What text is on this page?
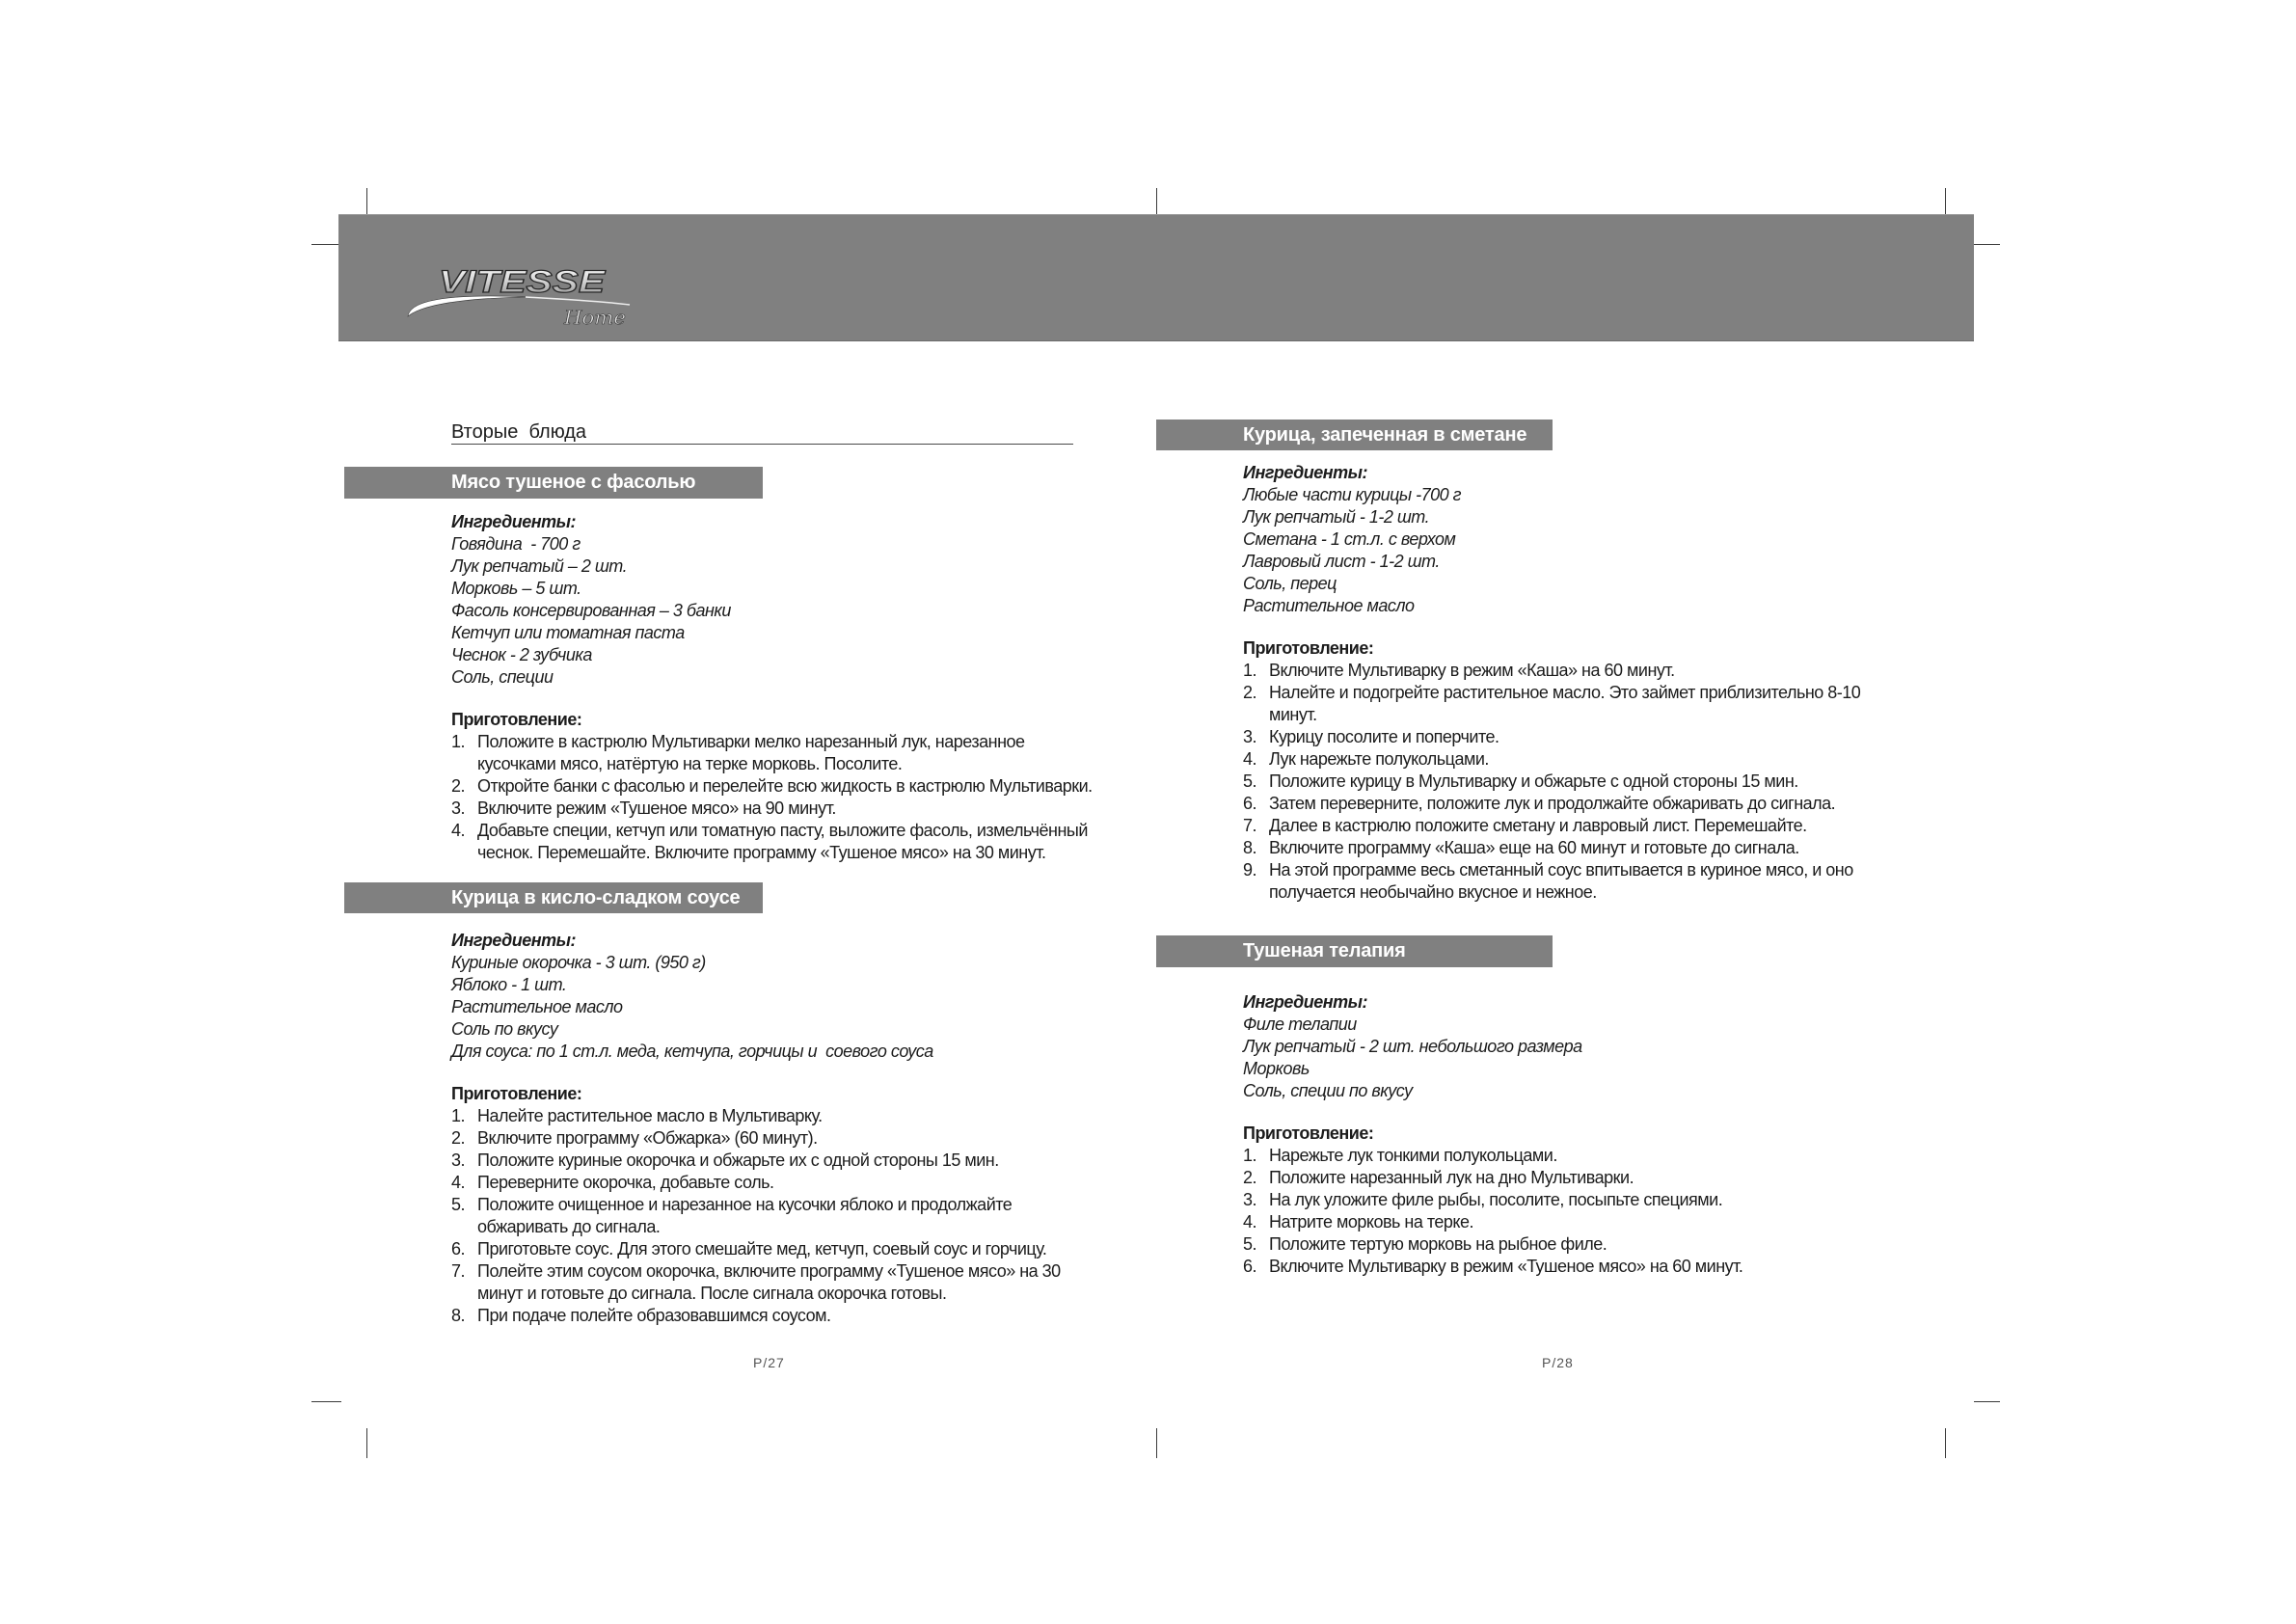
VITESSE
Home
Вторые  блюда
Мясо тушеное с фасолью
Ингредиенты:
Говядина  - 700 г
Лук репчатый – 2 шт.
Морковь – 5 шт.
Фасоль консервированная – 3 банки
Кетчуп или томатная паста
Чеснок - 2 зубчика
Соль, специи
Приготовление:
1. Положите в кастрюлю Мультиварки мелко нарезанный лук, нарезанное
кусочками мясо, натёртую на терке морковь. Посолите.
2. Откройте банки с фасолью и перелейте всю жидкость в кастрюлю Мультиварки.
3. Включите режим «Тушеное мясо» на 90 минут.
4. Добавьте специи, кетчуп или томатную пасту, выложите фасоль, измельчённый
чеснок. Перемешайте. Включите программу «Тушеное мясо» на 30 минут.
Курица в кисло-сладком соусе
Ингредиенты:
Куриные окорочка - 3 шт. (950 г)
Яблоко - 1 шт.
Растительное масло
Соль по вкусу
Для соуса: по 1 ст.л. меда, кетчупа, горчицы и  соевого соуса
Приготовление:
1. Налейте растительное масло в Мультиварку.
2. Включите программу «Обжарка» (60 минут).
3. Положите куриные окорочка и обжарьте их с одной стороны 15 мин.
4. Переверните окорочка, добавьте соль.
5. Положите очищенное и нарезанное на кусочки яблоко и продолжайте
обжаривать до сигнала.
6. Приготовьте соус. Для этого смешайте мед, кетчуп, соевый соус и горчицу.
7. Полейте этим соусом окорочка, включите программу «Тушеное мясо» на 30
минут и готовьте до сигнала. После сигнала окорочка готовы.
8. При подаче полейте образовавшимся соусом.
P/27
Курица, запеченная в сметане
Ингредиенты:
Любые части курицы -700 г
Лук репчатый - 1-2 шт.
Сметана - 1 ст.л. с верхом
Лавровый лист - 1-2 шт.
Соль, перец
Растительное масло
Приготовление:
1. Включите Мультиварку в режим «Каша» на 60 минут.
2. Налейте и подогрейте растительное масло. Это займет приблизительно 8-10
минут.
3. Курицу посолите и поперчите.
4. Лук нарежьте полукольцами.
5. Положите курицу в Мультиварку и обжарьте с одной стороны 15 мин.
6. Затем переверните, положите лук и продолжайте обжаривать до сигнала.
7. Далее в кастрюлю положите сметану и лавровый лист. Перемешайте.
8. Включите программу «Каша» еще на 60 минут и готовьте до сигнала.
9. На этой программе весь сметанный соус впитывается в куриное мясо, и оно
получается необычайно вкусное и нежное.
Тушеная телапия
Ингредиенты:
Филе телапии
Лук репчатый - 2 шт. небольшого размера
Морковь
Соль, специи по вкусу
Приготовление:
1. Нарежьте лук тонкими полукольцами.
2. Положите нарезанный лук на дно Мультиварки.
3. На лук уложите филе рыбы, посолите, посыпьте специями.
4. Натрите морковь на терке.
5. Положите тертую морковь на рыбное филе.
6. Включите Мультиварку в режим «Тушеное мясо» на 60 минут.
P/28
